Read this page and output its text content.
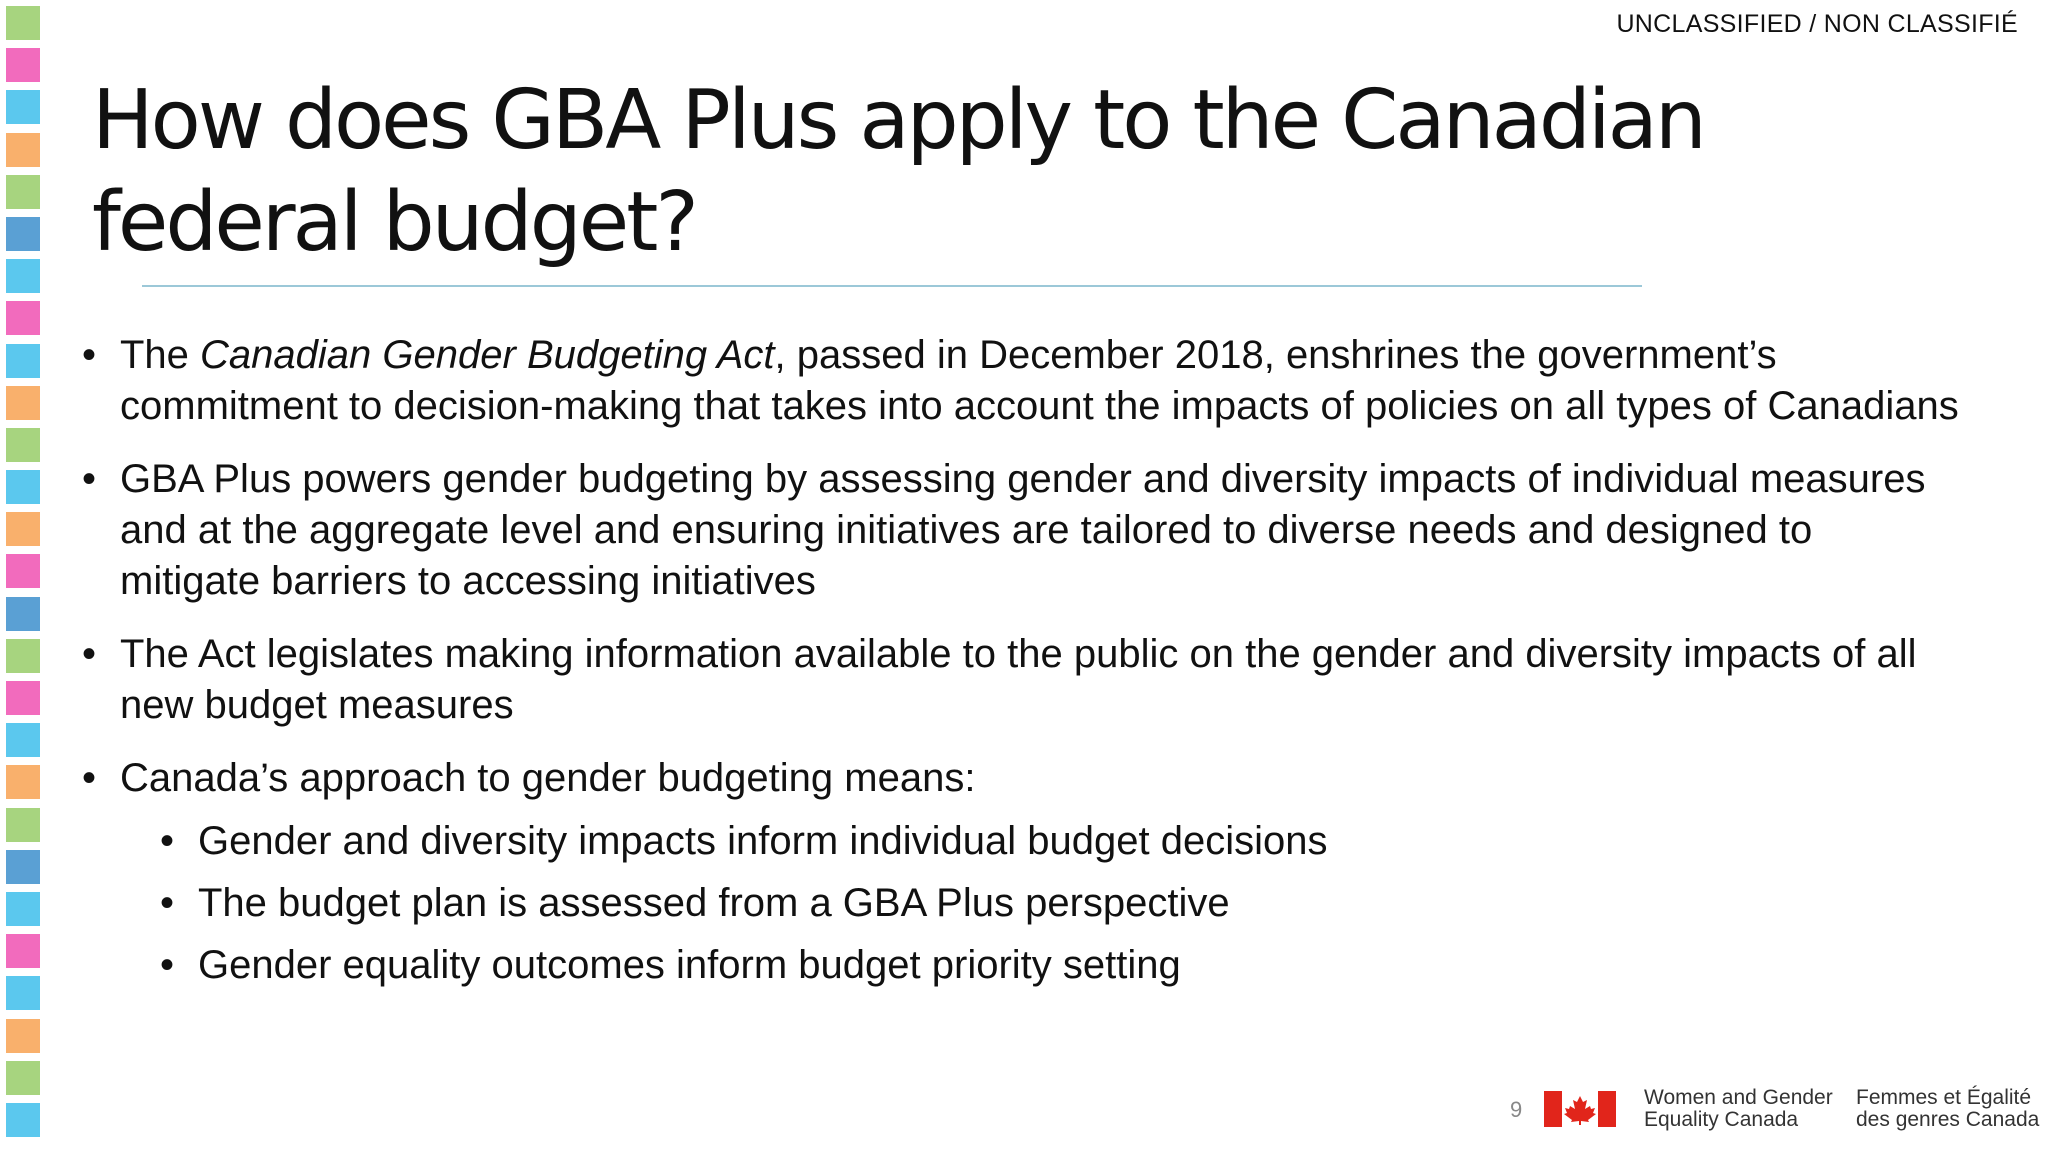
UNCLASSIFIED / NON CLASSIFIÉ
How does GBA Plus apply to the Canadian
federal budget?
• The Canadian Gender Budgeting Act, passed in December 2018, enshrines the government’s commitment to decision-making that takes into account the impacts of policies on all types of Canadians
• GBA Plus powers gender budgeting by assessing gender and diversity impacts of individual measures and at the aggregate level and ensuring initiatives are tailored to diverse needs and designed to mitigate barriers to accessing initiatives
• The Act legislates making information available to the public on the gender and diversity impacts of all new budget measures
• Canada’s approach to gender budgeting means:
• Gender and diversity impacts inform individual budget decisions
• The budget plan is assessed from a GBA Plus perspective
• Gender equality outcomes inform budget priority setting
9	Women and Gender
Equality Canada
Femmes et Égalité
des genres Canada
